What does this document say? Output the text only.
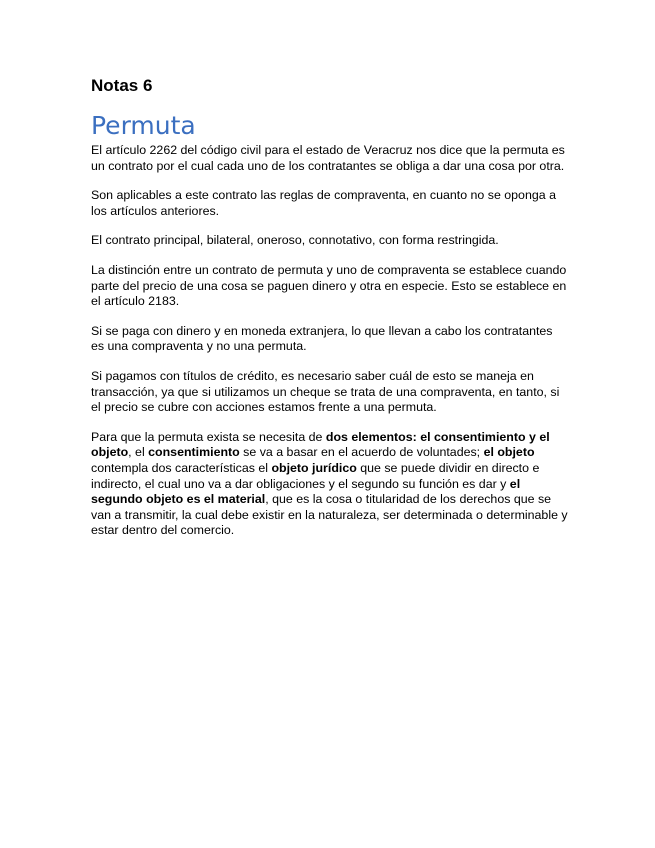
Notas 6
Permuta

El artículo 2262 del código civil para el estado de Veracruz nos dice que la permuta es un contrato por el cual cada uno de los contratantes se obliga a dar una cosa por otra.

Son aplicables a este contrato las reglas de compraventa, en cuanto no se oponga a los artículos anteriores.

El contrato principal, bilateral, oneroso, connotativo, con forma restringida.

La distinción entre un contrato de permuta y uno de compraventa se establece cuando parte del precio de una cosa se paguen dinero y otra en especie. Esto se establece en el artículo 2183.

Si se paga con dinero y en moneda extranjera, lo que llevan a cabo los contratantes es una compraventa y no una permuta.

Si pagamos con títulos de crédito, es necesario saber cuál de esto se maneja en transacción, ya que si utilizamos un cheque se trata de una compraventa, en tanto, si el precio se cubre con acciones estamos frente a una permuta.

Para que la permuta exista se necesita de dos elementos: el consentimiento y el objeto, el consentimiento se va a basar en el acuerdo de voluntades; el objeto contempla dos características el objeto jurídico que se puede dividir en directo e indirecto, el cual uno va a dar obligaciones y el segundo su función es dar y el segundo objeto es el material, que es la cosa o titularidad de los derechos que se van a transmitir, la cual debe existir en la naturaleza, ser determinada o determinable y estar dentro del comercio.
